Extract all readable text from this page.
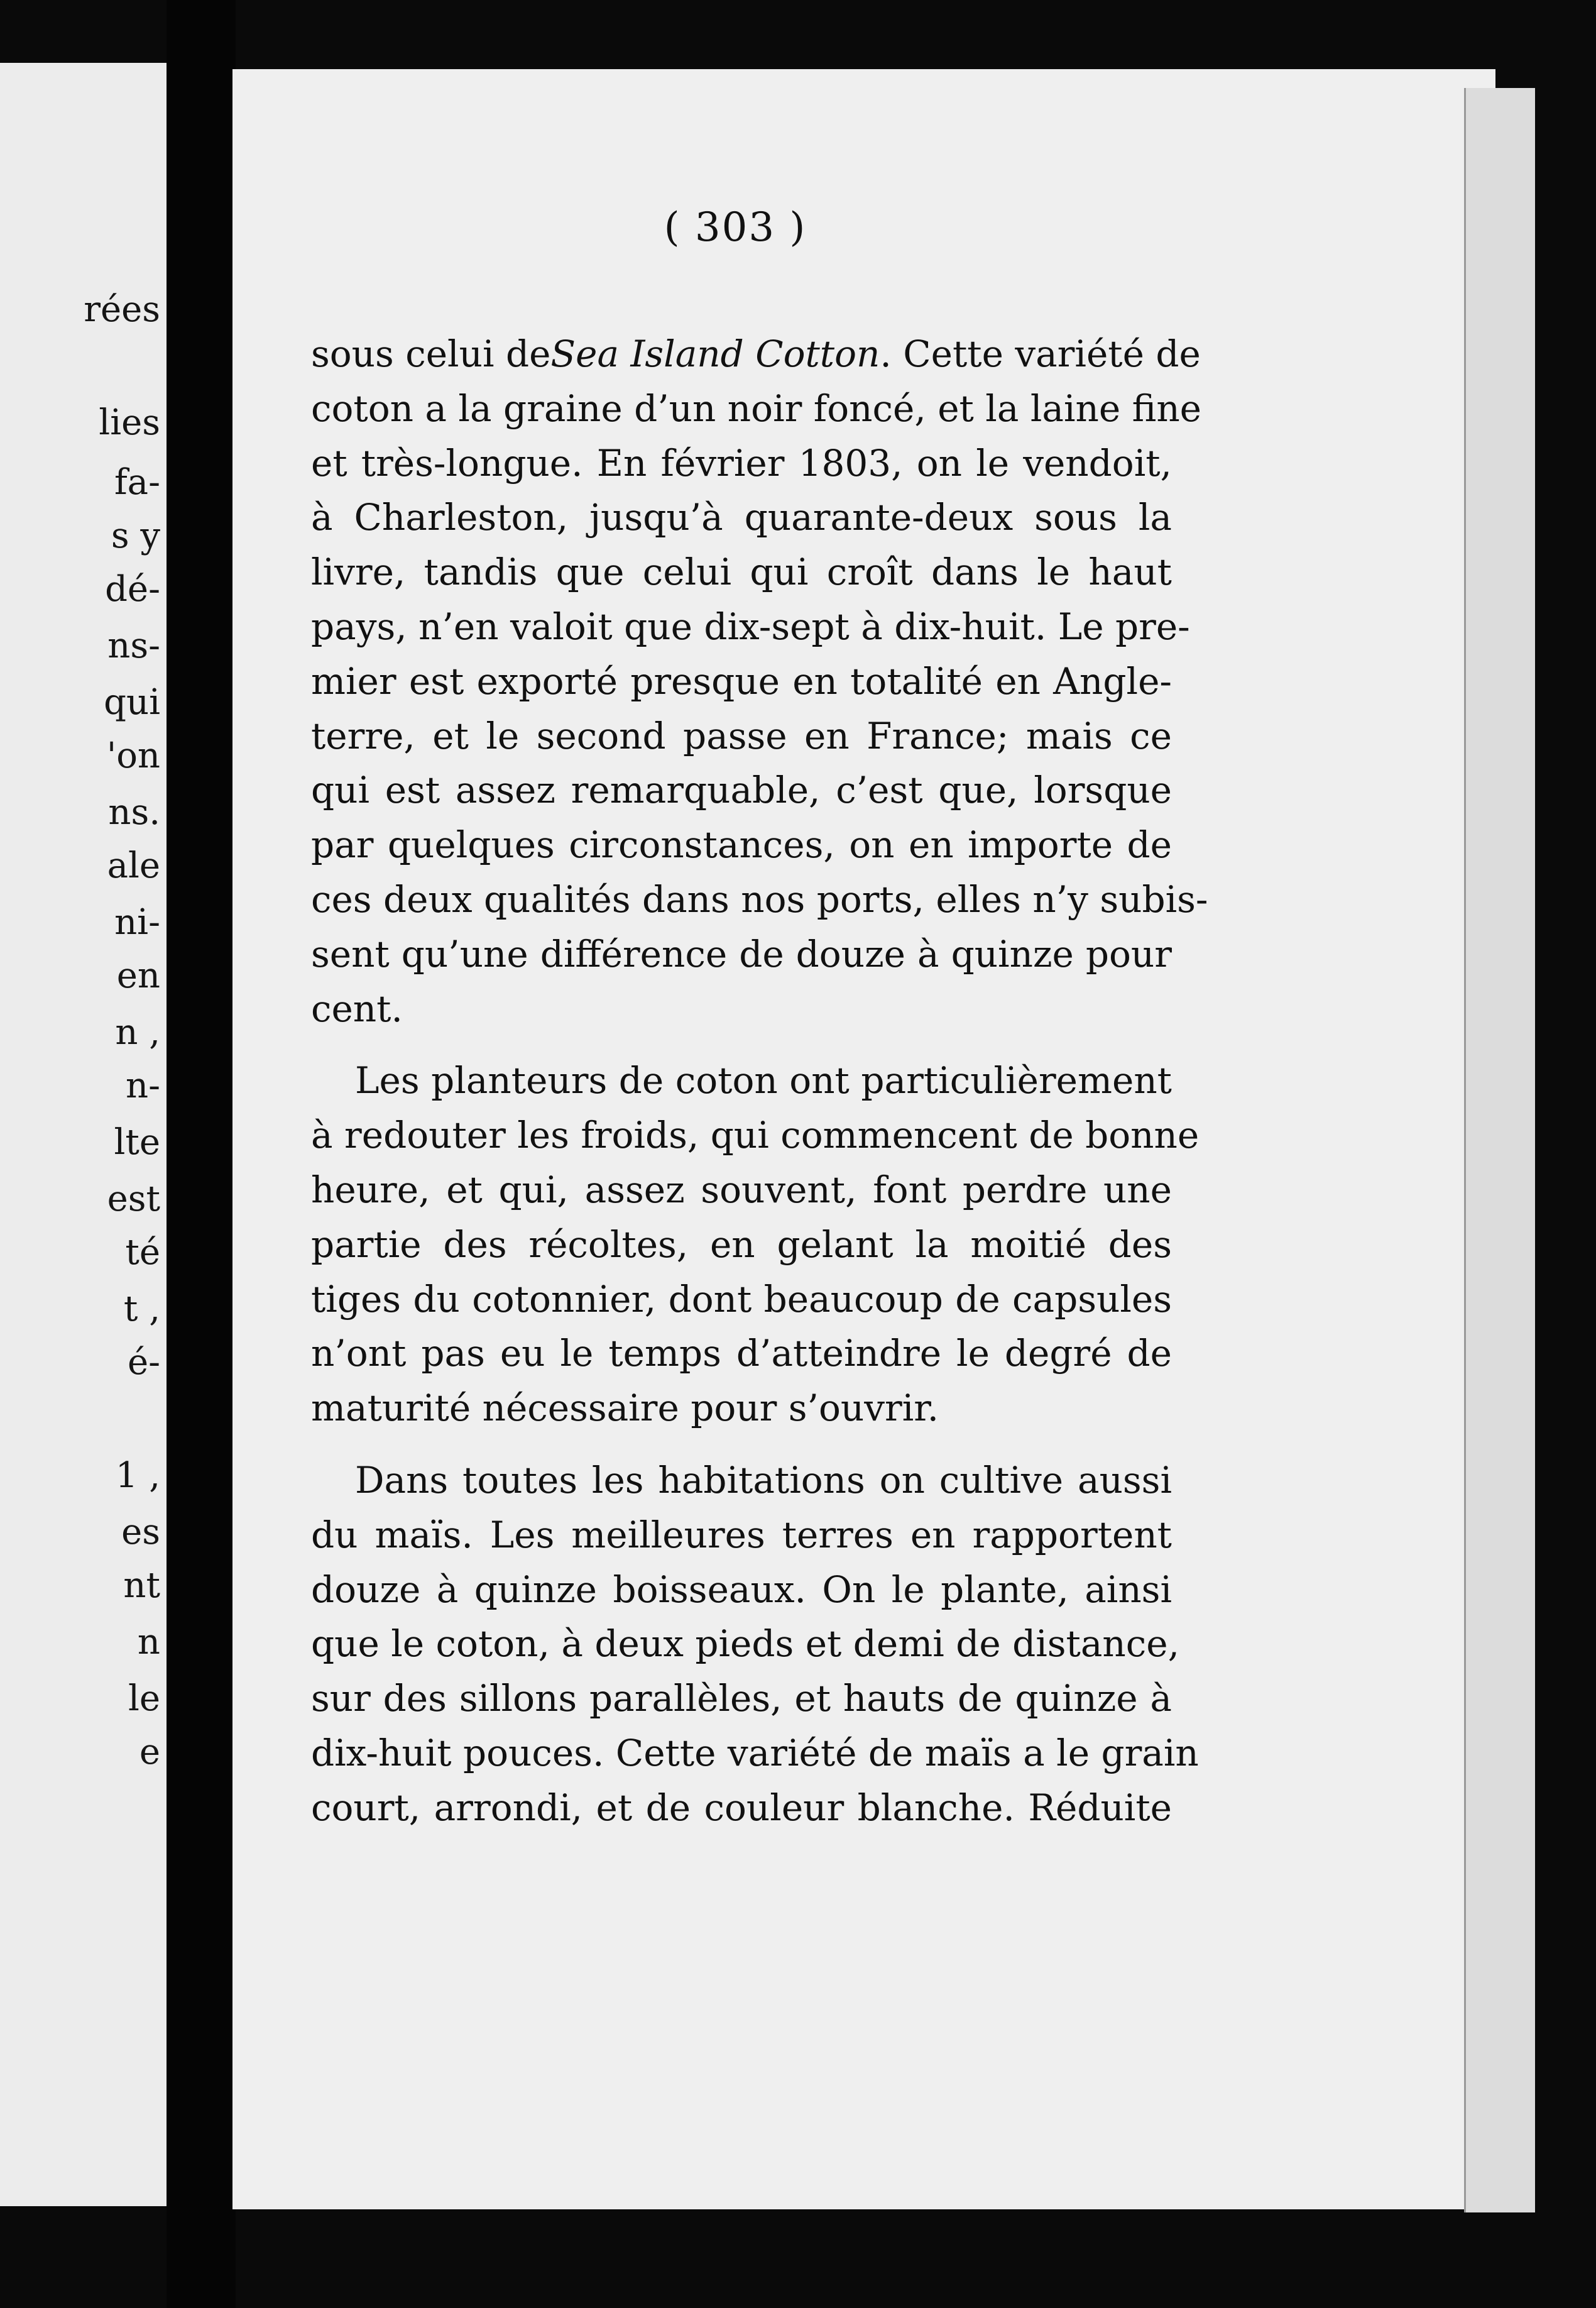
rées
lies
fa-
s y
dé-
ns-
qui
'on
ns.
ale
ni-
en
n ,
n-
lte
est
té
t ,
é-
1 ,
es
nt
n
le
e
( 303 )
sous celui deSea Island Cotton. Cette variété de
coton a la graine d’un noir foncé, et la laine fine
et très-longue. En février 1803, on le vendoit,
à Charleston, jusqu’à quarante-deux sous la
livre, tandis que celui qui croît dans le haut
pays, n’en valoit que dix-sept à dix-huit. Le pre-
mier est exporté presque en totalité en Angle-
terre, et le second passe en France; mais ce
qui est assez remarquable, c’est que, lorsque
par quelques circonstances, on en importe de
ces deux qualités dans nos ports, elles n’y subis-
sent qu’une différence de douze à quinze pour
cent.
Les planteurs de coton ont particulièrement
à redouter les froids, qui commencent de bonne
heure, et qui, assez souvent, font perdre une
partie des récoltes, en gelant la moitié des
tiges du cotonnier, dont beaucoup de capsules
n’ont pas eu le temps d’atteindre le degré de
maturité nécessaire pour s’ouvrir.
Dans toutes les habitations on cultive aussi
du maïs. Les meilleures terres en rapportent
douze à quinze boisseaux. On le plante, ainsi
que le coton, à deux pieds et demi de distance,
sur des sillons parallèles, et hauts de quinze à
dix-huit pouces. Cette variété de maïs a le grain
court, arrondi, et de couleur blanche. Réduite
